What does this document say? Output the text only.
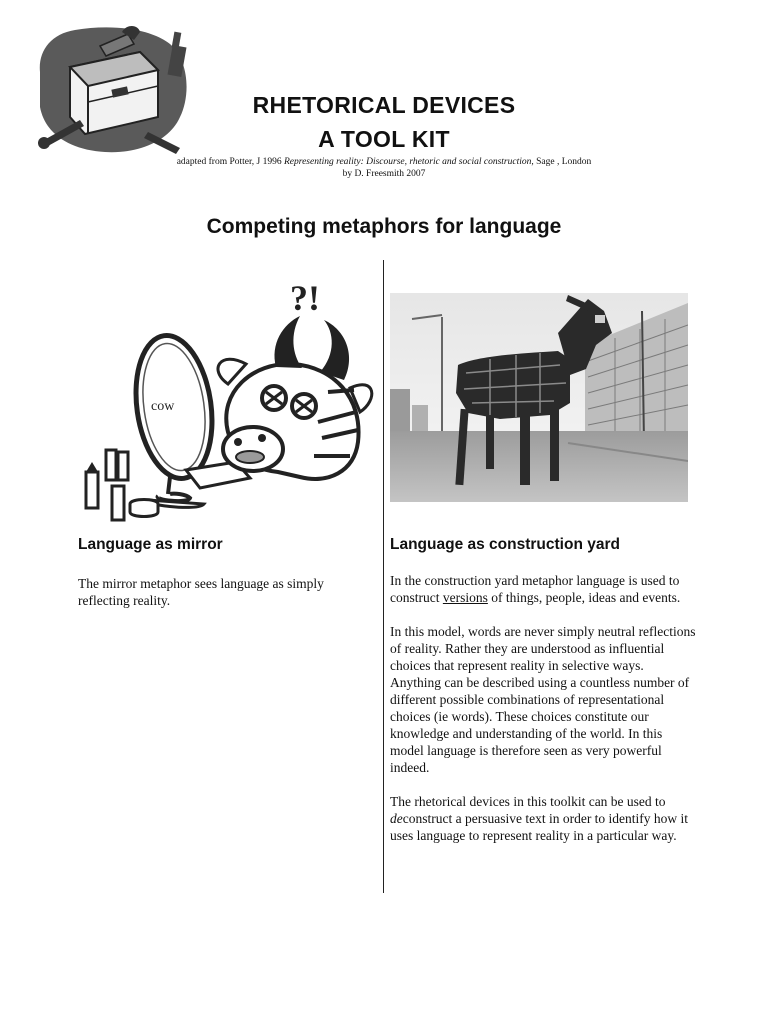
RHETORICAL DEVICES
A TOOL KIT
adapted from Potter, J 1996 Representing reality: Discourse, rhetoric and social construction, Sage , London
by D. Freesmith 2007
Competing metaphors for language
?!
cow
Language as mirror	Language as construction yard
The mirror metaphor sees language as simply reflecting reality.

In the construction yard metaphor language is used to construct versions of things, people, ideas and events.

In this model, words are never simply neutral reflections of reality. Rather they are understood as influential choices that represent reality in selective ways. Anything can be described using a countless number of different possible combinations of representational choices (ie words). These choices constitute our knowledge and understanding of the world. In this model language is therefore seen as very powerful indeed.

The rhetorical devices in this toolkit can be used to deconstruct a persuasive text in order to identify how it uses language to represent reality in a particular way.
